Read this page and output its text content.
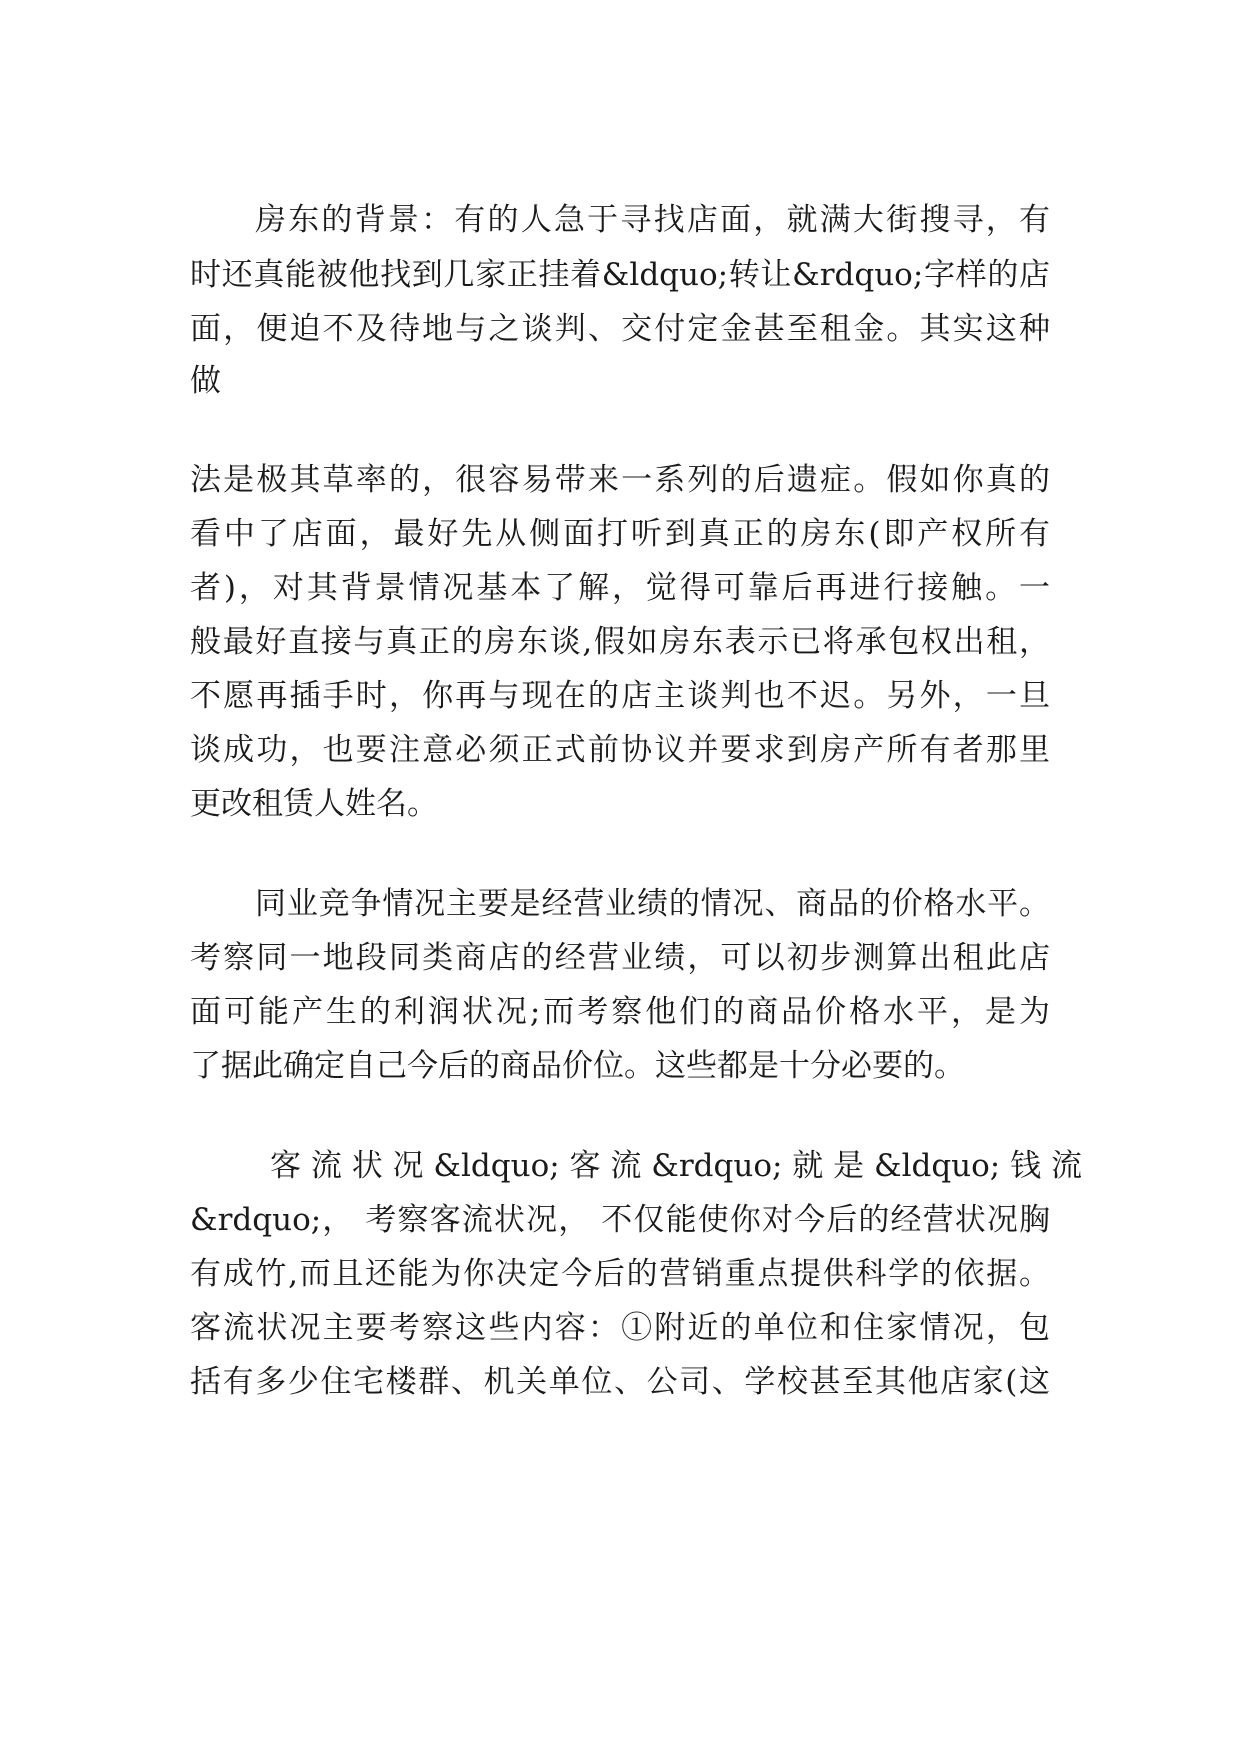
房东的背景：有的人急于寻找店面，就满大街搜寻，有
时还真能被他找到几家正挂着&ldquo;转让&rdquo;字样的店
面，便迫不及待地与之谈判、交付定金甚至租金。其实这种
做
法是极其草率的，很容易带来一系列的后遗症。假如你真的
看中了店面，最好先从侧面打听到真正的房东(即产权所有
者)，对其背景情况基本了解，觉得可靠后再进行接触。一
般最好直接与真正的房东谈,假如房东表示已将承包权出租，
不愿再插手时，你再与现在的店主谈判也不迟。另外，一旦
谈成功，也要注意必须正式前协议并要求到房产所有者那里
更改租赁人姓名。
同业竞争情况主要是经营业绩的情况、商品的价格水平。
考察同一地段同类商店的经营业绩，可以初步测算出租此店
面可能产生的利润状况;而考察他们的商品价格水平，是为
了据此确定自己今后的商品价位。这些都是十分必要的。
客 流 状 况 &ldquo; 客 流 &rdquo; 就 是 &ldquo; 钱 流
&rdquo;， 考察客流状况， 不仅能使你对今后的经营状况胸
有成竹,而且还能为你决定今后的营销重点提供科学的依据。
客流状况主要考察这些内容：①附近的单位和住家情况，包
括有多少住宅楼群、机关单位、公司、学校甚至其他店家(这
